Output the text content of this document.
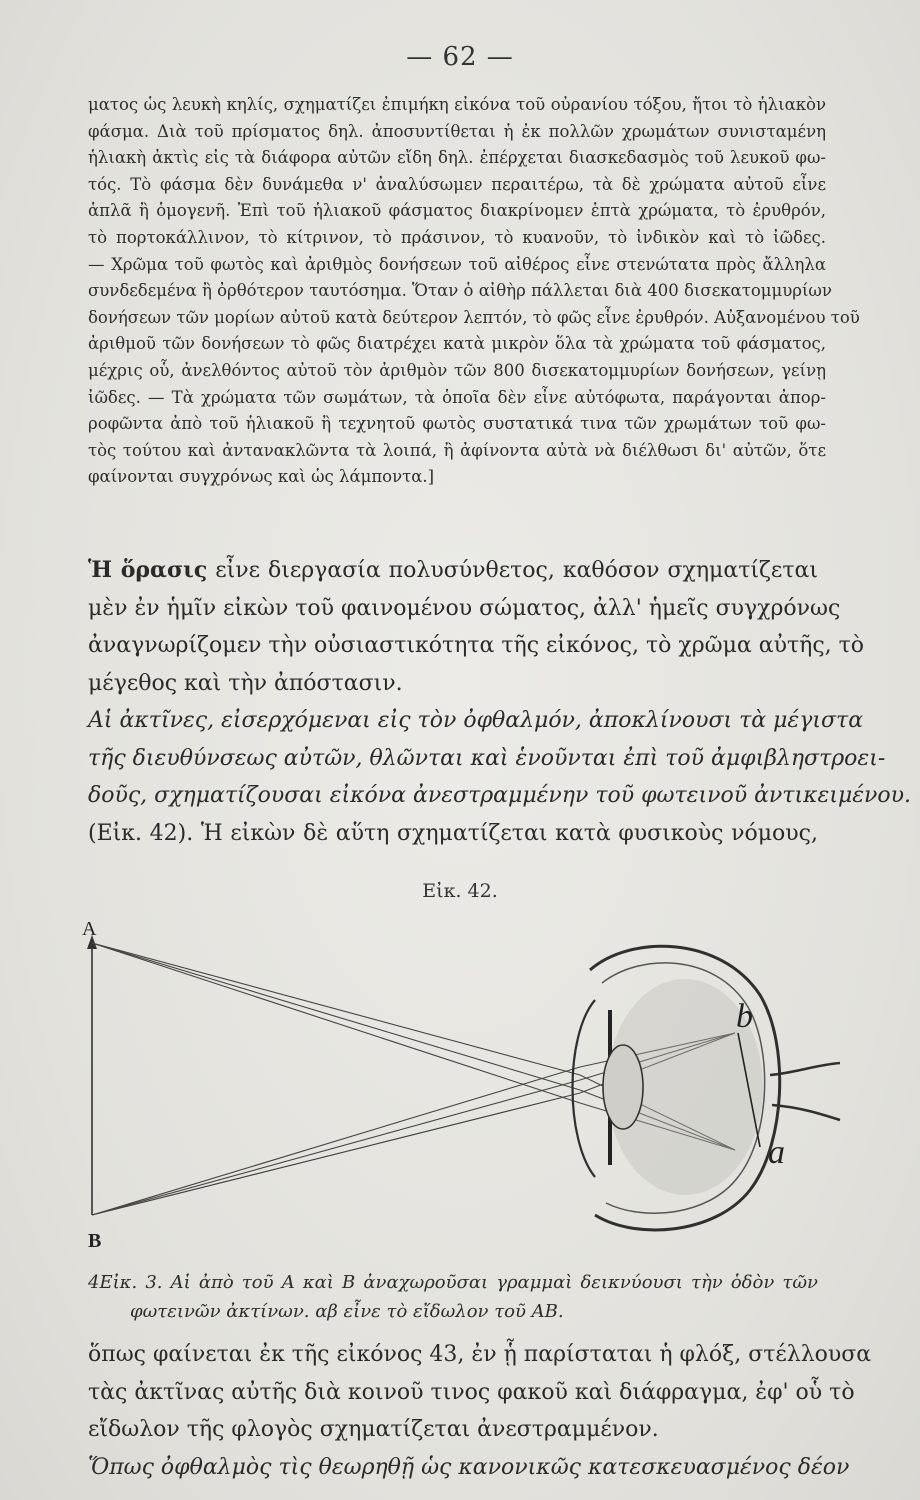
— 62 —
ματος ὡς λευκὴ κηλίς, σχηματίζει ἐπιμήκη εἰκόνα τοῦ οὐρανίου τόξου, ἤτοι τὸ ἡλιακὸν
φάσμα. Διὰ τοῦ πρίσματος δηλ. ἀποσυντίθεται ἡ ἐκ πολλῶν χρωμάτων συνισταμένη
ἡλιακὴ ἀκτὶς εἰς τὰ διάφορα αὐτῶν εἴδη δηλ. ἐπέρχεται διασκεδασμὸς τοῦ λευκοῦ φω-
τός. Τὸ φάσμα δὲν δυνάμεθα ν' ἀναλύσωμεν περαιτέρω, τὰ δὲ χρώματα αὐτοῦ εἶνε
ἁπλᾶ ἢ ὁμογενῆ. Ἐπὶ τοῦ ἡλιακοῦ φάσματος διακρίνομεν ἑπτὰ χρώματα, τὸ ἐρυθρόν,
τὸ πορτοκάλλινον, τὸ κίτρινον, τὸ πράσινον, τὸ κυανοῦν, τὸ ἰνδικὸν καὶ τὸ ἰῶδες.
— Χρῶμα τοῦ φωτὸς καὶ ἀριθμὸς δονήσεων τοῦ αἰθέρος εἶνε στενώτατα πρὸς ἄλληλα
συνδεδεμένα ἢ ὀρθότερον ταυτόσημα. Ὅταν ὁ αἰθὴρ πάλλεται διὰ 400 δισεκατομμυρίων
δονήσεων τῶν μορίων αὐτοῦ κατὰ δεύτερον λεπτόν, τὸ φῶς εἶνε ἐρυθρόν. Αὐξανομένου τοῦ
ἀριθμοῦ τῶν δονήσεων τὸ φῶς διατρέχει κατὰ μικρὸν ὅλα τὰ χρώματα τοῦ φάσματος,
μέχρις οὗ, ἀνελθόντος αὐτοῦ τὸν ἀριθμὸν τῶν 800 δισεκατομμυρίων δονήσεων, γείνῃ
ἰῶδες. — Τὰ χρώματα τῶν σωμάτων, τὰ ὁποῖα δὲν εἶνε αὐτόφωτα, παράγονται ἀπορ-
ροφῶντα ἀπὸ τοῦ ἡλιακοῦ ἢ τεχνητοῦ φωτὸς συστατικά τινα τῶν χρωμάτων τοῦ φω-
τὸς τούτου καὶ ἀντανακλῶντα τὰ λοιπά, ἢ ἀφίνοντα αὐτὰ νὰ διέλθωσι δι' αὐτῶν, ὅτε
φαίνονται συγχρόνως καὶ ὡς λάμποντα.]
Ἡ ὅρασις εἶνε διεργασία πολυσύνθετος, καθόσον σχηματίζεται
μὲν ἐν ἡμῖν εἰκὼν τοῦ φαινομένου σώματος, ἀλλ' ἡμεῖς συγχρόνως
ἀναγνωρίζομεν τὴν οὐσιαστικότητα τῆς εἰκόνος, τὸ χρῶμα αὐτῆς, τὸ
μέγεθος καὶ τὴν ἀπόστασιν.
Αἱ ἀκτῖνες, εἰσερχόμεναι εἰς τὸν ὀφθαλμόν, ἀποκλίνουσι τὰ μέγιστα
τῆς διευθύνσεως αὐτῶν, θλῶνται καὶ ἑνοῦνται ἐπὶ τοῦ ἀμφιβληστροει-
δοῦς, σχηματίζουσαι εἰκόνα ἀνεστραμμένην τοῦ φωτεινοῦ ἀντικειμένου.
(Εἰκ. 42). Ἡ εἰκὼν δὲ αὕτη σχηματίζεται κατὰ φυσικοὺς νόμους,
Εἰκ. 42.
A
B
b
a
4Εἰκ. 3. Αἱ ἀπὸ τοῦ Α καὶ Β ἀναχωροῦσαι γραμμαὶ δεικνύουσι τὴν ὁδὸν τῶν
φωτεινῶν ἀκτίνων. αβ εἶνε τὸ εἴδωλον τοῦ ΑΒ.
ὅπως φαίνεται ἐκ τῆς εἰκόνος 43, ἐν ᾗ παρίσταται ἡ φλόξ, στέλλουσα
τὰς ἀκτῖνας αὐτῆς διὰ κοινοῦ τινος φακοῦ καὶ διάφραγμα, ἐφ' οὗ τὸ
εἴδωλον τῆς φλογὸς σχηματίζεται ἀνεστραμμένον.
Ὅπως ὀφθαλμὸς τὶς θεωρηθῇ ὡς κανονικῶς κατεσκευασμένος δέον
